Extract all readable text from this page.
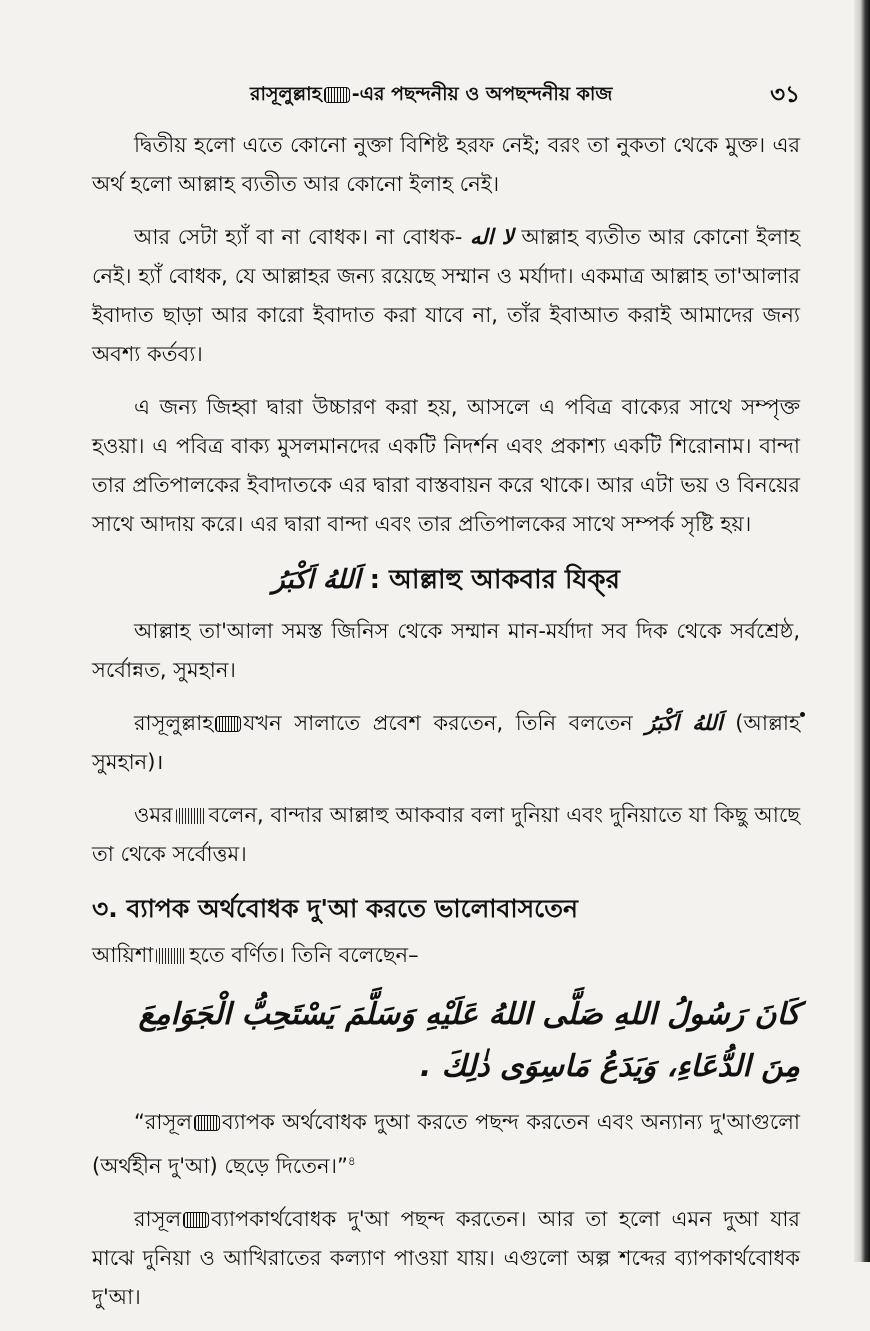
রাসূলুল্লাহ -এর পছন্দনীয় ও অপছন্দনীয় কাজ	৩১

দ্বিতীয় হলো এতে কোনো নুক্তা বিশিষ্ট হরফ নেই; বরং তা নুকতা থেকে মুক্ত। এর অর্থ হলো আল্লাহ ব্যতীত আর কোনো ইলাহ নেই।

আর সেটা হ্যাঁ বা না বোধক। না বোধক- لا اله আল্লাহ ব্যতীত আর কোনো ইলাহ নেই। হ্যাঁ বোধক, যে আল্লাহর জন্য রয়েছে সম্মান ও মর্যাদা। একমাত্র আল্লাহ তা'আলার ইবাদাত ছাড়া আর কারো ইবাদাত করা যাবে না, তাঁর ইবাআত করাই আমাদের জন্য অবশ্য কর্তব্য।

এ জন্য জিহ্বা দ্বারা উচ্চারণ করা হয়, আসলে এ পবিত্র বাক্যের সাথে সম্পৃক্ত হওয়া। এ পবিত্র বাক্য মুসলমানদের একটি নিদর্শন এবং প্রকাশ্য একটি শিরোনাম। বান্দা তার প্রতিপালকের ইবাদাতকে এর দ্বারা বাস্তবায়ন করে থাকে। আর এটা ভয় ও বিনয়ের সাথে আদায় করে। এর দ্বারা বান্দা এবং তার প্রতিপালকের সাথে সম্পর্ক সৃষ্টি হয়।

اَللهُ اَكْبَرُ : আল্লাহু আকবার যিক্‌র

আল্লাহ তা'আলা সমস্ত জিনিস থেকে সম্মান মান-মর্যাদা সব দিক থেকে সর্বশ্রেষ্ঠ, সর্বোন্নত, সুমহান।

রাসূলুল্লাহ যখন সালাতে প্রবেশ করতেন, তিনি বলতেন اَللهُ اَكْبَرُ (আল্লাহ সুমহান)।

ওমর বলেন, বান্দার আল্লাহু আকবার বলা দুনিয়া এবং দুনিয়াতে যা কিছু আছে তা থেকে সর্বোত্তম।

৩. ব্যাপক অর্থবোধক দু'আ করতে ভালোবাসতেন

আয়িশা হতে বর্ণিত। তিনি বলেছেন–

كَانَ رَسُولُ اللهِ صَلَّى اللهُ عَلَيْهِ وَسَلَّمَ يَسْتَحِبُّ الْجَوَامِعَ مِنَ الدُّعَاءِ، وَيَدَعُ مَاسِوَى ذٰلِكَ .

“রাসূল ব্যাপক অর্থবোধক দুআ করতে পছন্দ করতেন এবং অন্যান্য দু'আগুলো (অর্থহীন দু'আ) ছেড়ে দিতেন।”$^৪$

রাসূল ব্যাপকার্থবোধক দু'আ পছন্দ করতেন। আর তা হলো এমন দুআ যার মাঝে দুনিয়া ও আখিরাতের কল্যাণ পাওয়া যায়। এগুলো অল্প শব্দের ব্যাপকার্থবোধক দু'আ।
